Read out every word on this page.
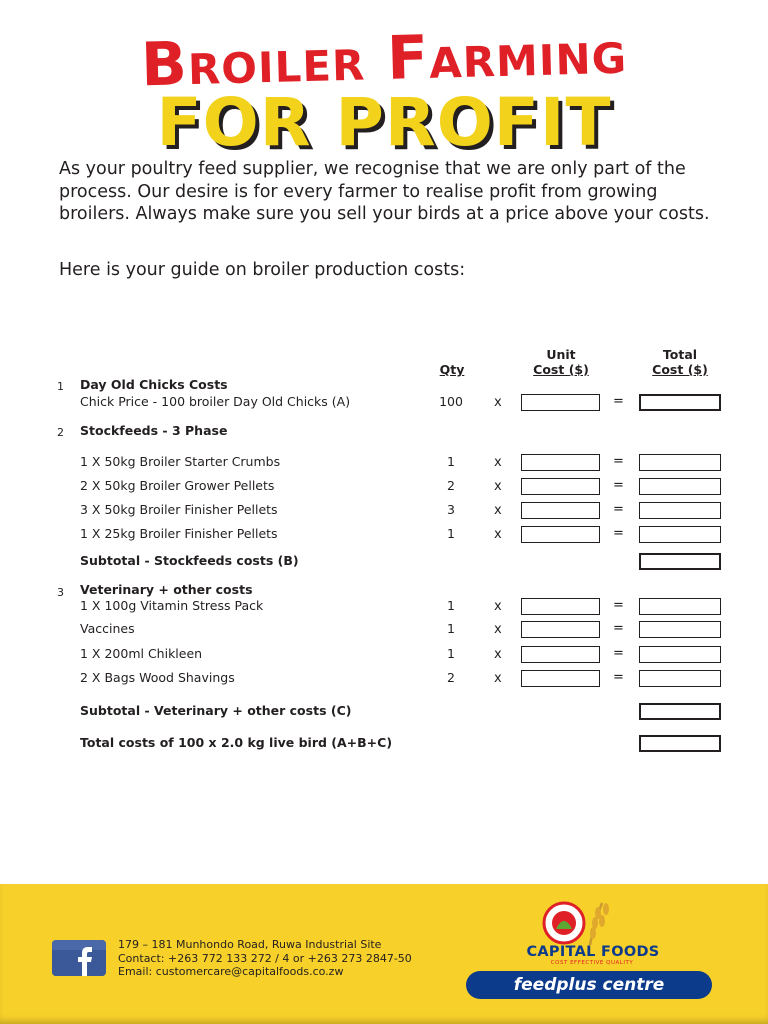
Broiler Farming
FOR PROFIT

As your poultry feed supplier, we recognise that we are only part of the process. Our desire is for every farmer to realise profit from growing broilers. Always make sure you sell your birds at a price above your costs.

Here is your guide on broiler production costs:

Qty
Unit
Cost ($)
Total
Cost ($)
1 Day Old Chicks Costs
Chick Price - 100 broiler Day Old Chicks (A)	100	x	=
2 Stockfeeds - 3 Phase
1 X 50kg Broiler Starter Crumbs	1	x	=
2 X 50kg Broiler Grower Pellets	2	x	=
3 X 50kg Broiler Finisher Pellets	3	x	=
1 X 25kg Broiler Finisher Pellets	1	x	=
Subtotal - Stockfeeds costs (B)
3 Veterinary + other costs
1 X 100g Vitamin Stress Pack	1	x	=
Vaccines	1	x	=
1 X 200ml Chikleen	1	x	=
2 X Bags Wood Shavings	2	x	=
Subtotal - Veterinary + other costs (C)
Total costs of 100 x 2.0 kg live bird (A+B+C)
179 – 181 Munhondo Road, Ruwa Industrial Site
Contact: +263 772 133 272 / 4 or +263 273 2847-50
Email: customercare@capitalfoods.co.zw
CAPITAL FOODS
COST EFFECTIVE QUALITY
feedplus centre
